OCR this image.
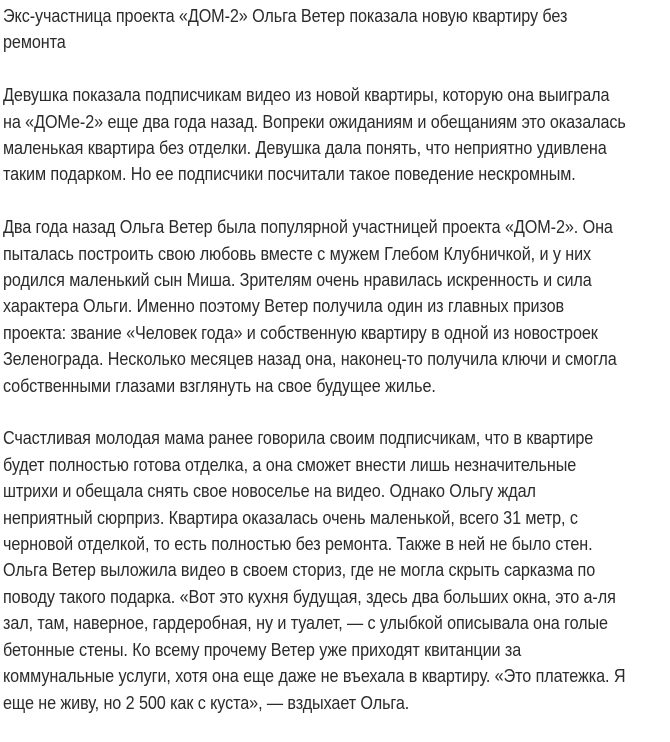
Экс-участница проекта «ДОМ-2» Ольга Ветер показала новую квартиру без
ремонта
Девушка показала подписчикам видео из новой квартиры, которую она выиграла
на «ДОМе-2» еще два года назад. Вопреки ожиданиям и обещаниям это оказалась
маленькая квартира без отделки. Девушка дала понять, что неприятно удивлена
таким подарком. Но ее подписчики посчитали такое поведение нескромным.
Два года назад Ольга Ветер была популярной участницей проекта «ДОМ-2». Она
пыталась построить свою любовь вместе с мужем Глебом Клубничкой, и у них
родился маленький сын Миша. Зрителям очень нравилась искренность и сила
характера Ольги. Именно поэтому Ветер получила один из главных призов
проекта: звание «Человек года» и собственную квартиру в одной из новостроек
Зеленограда. Несколько месяцев назад она, наконец-то получила ключи и смогла
собственными глазами взглянуть на свое будущее жилье.
Счастливая молодая мама ранее говорила своим подписчикам, что в квартире
будет полностью готова отделка, а она сможет внести лишь незначительные
штрихи и обещала снять свое новоселье на видео. Однако Ольгу ждал
неприятный сюрприз. Квартира оказалась очень маленькой, всего 31 метр, с
черновой отделкой, то есть полностью без ремонта. Также в ней не было стен.
Ольга Ветер выложила видео в своем сториз, где не могла скрыть сарказма по
поводу такого подарка. «Вот это кухня будущая, здесь два больших окна, это а-ля
зал, там, наверное, гардеробная, ну и туалет, — с улыбкой описывала она голые
бетонные стены. Ко всему прочему Ветер уже приходят квитанции за
коммунальные услуги, хотя она еще даже не въехала в квартиру. «Это платежка. Я
еще не живу, но 2 500 как с куста», — вздыхает Ольга.
